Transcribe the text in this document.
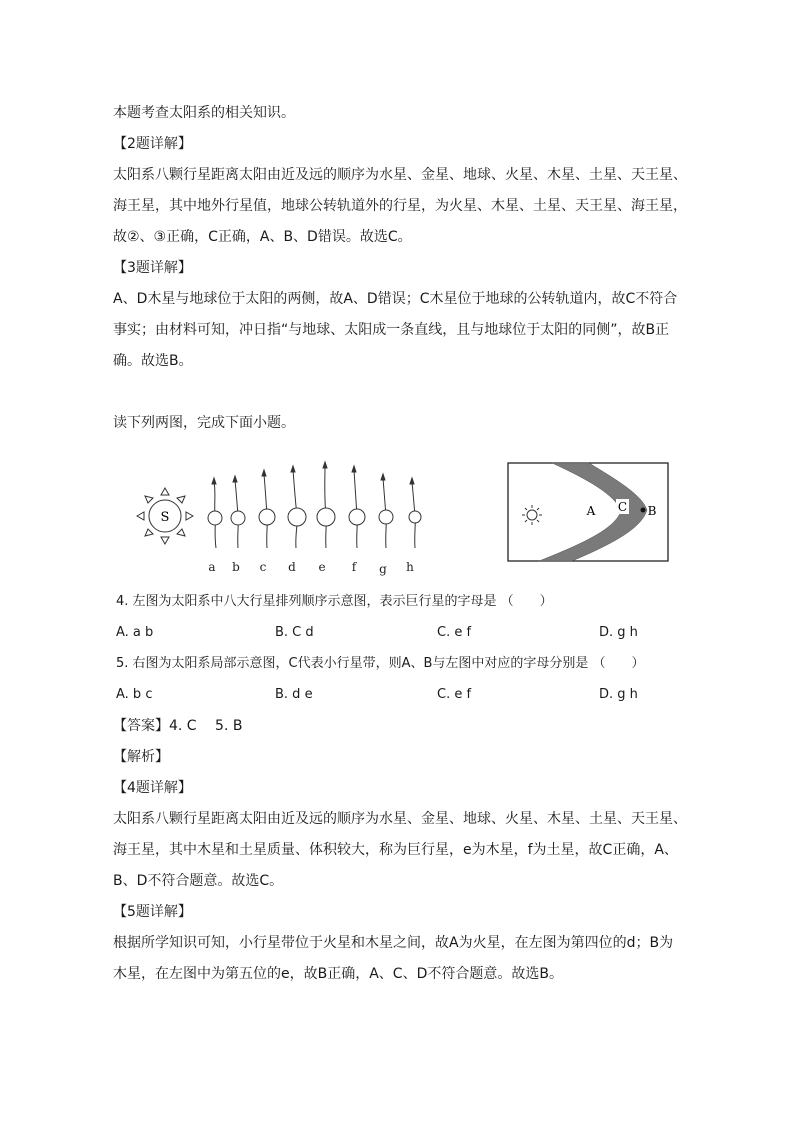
本题考查太阳系的相关知识。
【2题详解】
太阳系八颗行星距离太阳由近及远的顺序为水星、金星、地球、火星、木星、土星、天王星、
海王星，其中地外行星值，地球公转轨道外的行星，为火星、木星、土星、天王星、海王星，
故②、③正确，C正确，A、B、D错误。故选C。
【3题详解】
A、D木星与地球位于太阳的两侧，故A、D错误；C木星位于地球的公转轨道内，故C不符合
事实；由材料可知，冲日指“与地球、太阳成一条直线，且与地球位于太阳的同侧”，故B正
确。故选B。
读下列两图，完成下面小题。
S
a b c d e f g h
A C B
4. 左图为太阳系中八大行星排列顺序示意图，表示巨行星的字母是 （　　）
A. a b	B. C d	C. e f	D. g h
5. 右图为太阳系局部示意图，C代表小行星带，则A、B与左图中对应的字母分别是 （　　）
A. b c	B. d e	C. e f	D. g h
【答案】4. C　 5. B
【解析】
【4题详解】
太阳系八颗行星距离太阳由近及远的顺序为水星、金星、地球、火星、木星、土星、天王星、
海王星，其中木星和土星质量、体积较大，称为巨行星，e为木星，f为土星，故C正确，A、
B、D不符合题意。故选C。
【5题详解】
根据所学知识可知，小行星带位于火星和木星之间，故A为火星，在左图为第四位的d；B为
木星，在左图中为第五位的e，故B正确，A、C、D不符合题意。故选B。
